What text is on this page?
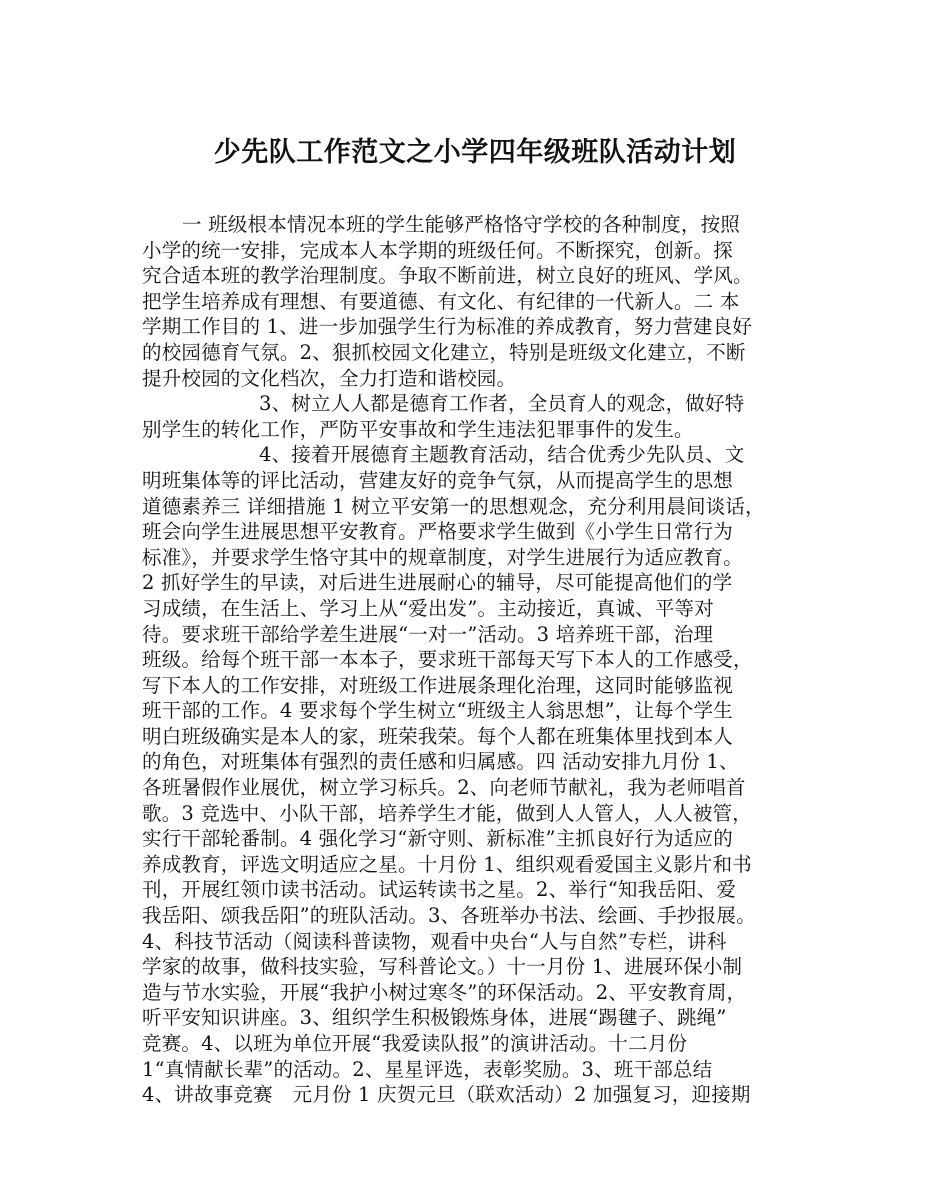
少先队工作范文之小学四年级班队活动计划
一 班级根本情况本班的学生能够严格恪守学校的各种制度，按照
小学的统一安排，完成本人本学期的班级任何。不断探究，创新。探
究合适本班的教学治理制度。争取不断前进，树立良好的班风、学风。
把学生培养成有理想、有要道德、有文化、有纪律的一代新人。二 本
学期工作目的 1、进一步加强学生行为标准的养成教育，努力营建良好
的校园德育气氛。2、狠抓校园文化建立，特别是班级文化建立，不断
提升校园的文化档次，全力打造和谐校园。
3、树立人人都是德育工作者，全员育人的观念，做好特
别学生的转化工作，严防平安事故和学生违法犯罪事件的发生。
4、接着开展德育主题教育活动，结合优秀少先队员、文
明班集体等的评比活动，营建友好的竞争气氛，从而提高学生的思想
道德素养三 详细措施 1 树立平安第一的思想观念，充分利用晨间谈话，
班会向学生进展思想平安教育。严格要求学生做到《小学生日常行为
标准》，并要求学生恪守其中的规章制度，对学生进展行为适应教育。
2 抓好学生的早读，对后进生进展耐心的辅导，尽可能提高他们的学
习成绩，在生活上、学习上从“爱出发”。主动接近，真诚、平等对
待。要求班干部给学差生进展“一对一”活动。3 培养班干部，治理
班级。给每个班干部一本本子，要求班干部每天写下本人的工作感受，
写下本人的工作安排，对班级工作进展条理化治理，这同时能够监视
班干部的工作。4 要求每个学生树立“班级主人翁思想”，让每个学生
明白班级确实是本人的家，班荣我荣。每个人都在班集体里找到本人
的角色，对班集体有强烈的责任感和归属感。四 活动安排九月份 1、
各班暑假作业展优，树立学习标兵。2、向老师节献礼，我为老师唱首
歌。3 竞选中、小队干部，培养学生才能，做到人人管人，人人被管，
实行干部轮番制。4 强化学习“新守则、新标准”主抓良好行为适应的
养成教育，评选文明适应之星。十月份 1、组织观看爱国主义影片和书
刊，开展红领巾读书活动。试运转读书之星。2、举行“知我岳阳、爱
我岳阳、颂我岳阳”的班队活动。3、各班举办书法、绘画、手抄报展。
4、科技节活动（阅读科普读物，观看中央台“人与自然”专栏，讲科
学家的故事，做科技实验，写科普论文。）十一月份 1、进展环保小制
造与节水实验，开展“我护小树过寒冬”的环保活动。2、平安教育周，
听平安知识讲座。3、组织学生积极锻炼身体，进展“踢毽子、跳绳”
竞赛。4、以班为单位开展“我爱读队报”的演讲活动。十二月份
1“真情献长辈”的活动。2、星星评选，表彰奖励。3、班干部总结
4、讲故事竞赛　元月份 1 庆贺元旦（联欢活动）2 加强复习，迎接期
